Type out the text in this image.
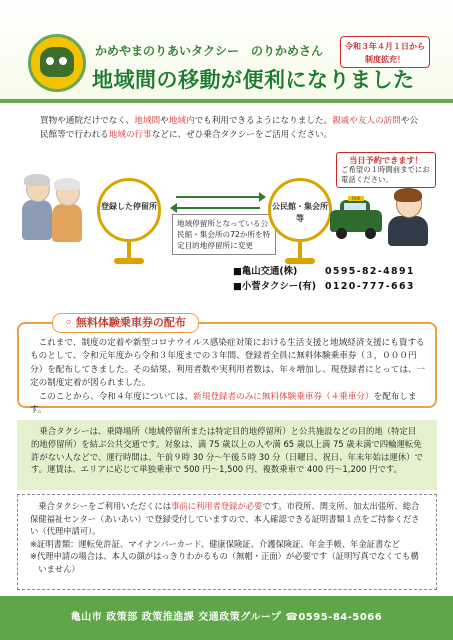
かめやまのりあいタクシー　のりかめさん
地域間の移動が便利になりました
令和３年４月１日から
制度拡充！
買物や通院だけでなく、地域間や地域内でも利用できるようになりました。親戚や友人の訪問や公民館等で行われる地域の行事などに、ぜひ乗合タクシーをご活用ください。
登録した停留所
地域停留所となっている公民館・集会所の72か所を特定目的地停留所に変更
公民館・集会所等
当日予約できます！
ご希望の１時間前までにお電話ください。
TAXI
■亀山交通(株)	0595-82-4891
■小菅タクシー(有) 0120-777-663
◦ 無料体験乗車券の配布
これまで、制度の定着や新型コロナウイルス感染症対策における生活支援と地域経済支援にも資するものとして、令和元年度から令和３年度までの３年間、登録者全員に無料体験乗車券（３，０００円分）を配布してきました。その結果、利用者数や実利用者数は、年々増加し、現登録者にとっては、一定の制度定着が図られました。
このことから、令和４年度については、新規登録者のみに無料体験乗車券（４乗車分）を配布します。
乗合タクシーは、乗降場所（地域停留所または特定目的地停留所）と公共施設などの目的地（特定目的地停留所）を結ぶ公共交通です。対象は、満 75 歳以上の人や満 65 歳以上満 75 歳未満で四輪運転免許がない人などで、運行時間は、午前９時 30 分〜午後５時 30 分（日曜日、祝日、年末年始は運休）です。運賃は、エリアに応じて単独乗車で 500 円〜1,500 円、複数乗車で 400 円〜1,200 円です。
乗合タクシーをご利用いただくには事前に利用者登録が必要です。市役所、関支所、加太出張所、総合保健福祉センター（あいあい）で登録受付していますので、本人確認できる証明書類１点をご持参ください（代理申請可）。
※証明書類：運転免許証、マイナンバーカード、健康保険証、介護保険証、年金手帳、年金証書など
※代理申請の場合は、本人の顔がはっきりわかるもの（無帽・正面）が必要です（証明写真でなくても構いません）
亀山市 政策部 政策推進課 交通政策グループ ☎0595-84-5066
